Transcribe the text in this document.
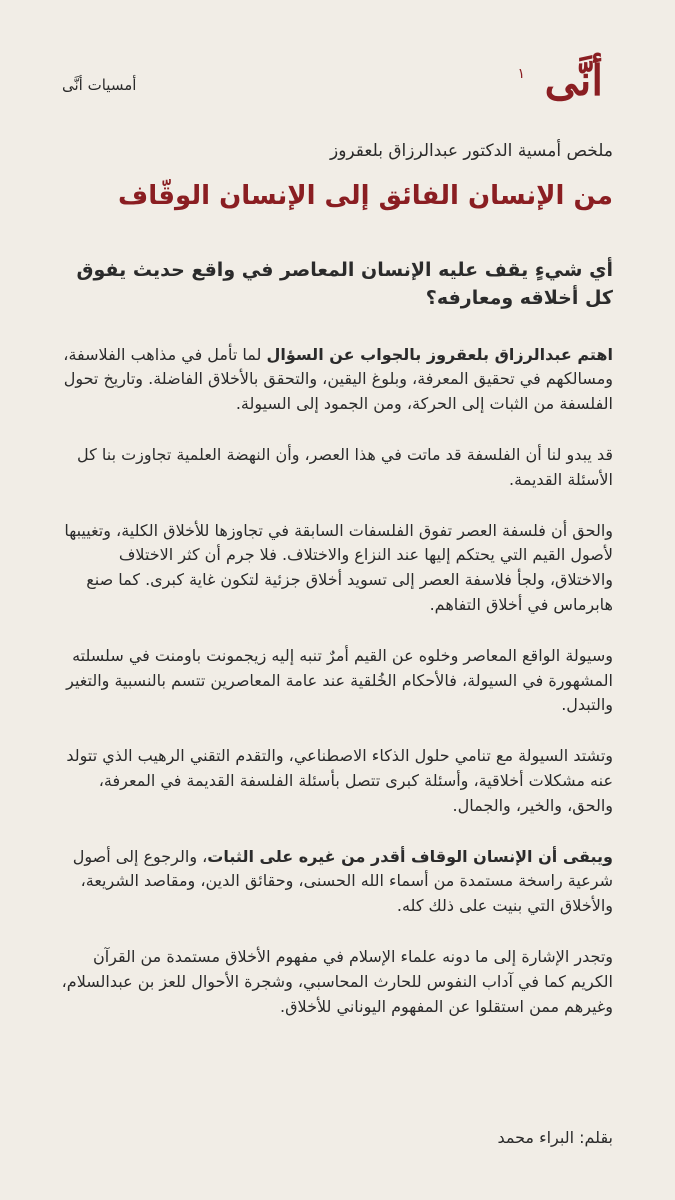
أنَّى
١
أمسيات أنَّى
ملخص أمسية الدكتور عبدالرزاق بلعقروز
من الإنسان الفائق إلى الإنسان الوقّاف
أي شيءٍ يقف عليه الإنسان المعاصر في واقع حديث يفوق كل أخلاقه ومعارفه؟

اهتم عبدالرزاق بلعقروز بالجواب عن السؤال لما تأمل في مذاهب الفلاسفة، ومسالكهم في تحقيق المعرفة، وبلوغ اليقين، والتحقق بالأخلاق الفاضلة. وتاريخ تحول الفلسفة من الثبات إلى الحركة، ومن الجمود إلى السيولة.

قد يبدو لنا أن الفلسفة قد ماتت في هذا العصر، وأن النهضة العلمية تجاوزت بنا كل الأسئلة القديمة.

والحق أن فلسفة العصر تفوق الفلسفات السابقة في تجاوزها للأخلاق الكلية، وتغييبها لأصول القيم التي يحتكم إليها عند النزاع والاختلاف. فلا جرم أن كثر الاختلاف والاختلاق، ولجأ فلاسفة العصر إلى تسويد أخلاق جزئية لتكون غاية كبرى. كما صنع هابرماس في أخلاق التفاهم.

وسيولة الواقع المعاصر وخلوه عن القيم أمرٌ تنبه إليه زيجمونت باومنت في سلسلته المشهورة في السيولة، فالأحكام الخُلقية عند عامة المعاصرين تتسم بالنسبية والتغير والتبدل.

وتشتد السيولة مع تنامي حلول الذكاء الاصطناعي، والتقدم التقني الرهيب الذي تتولد عنه مشكلات أخلاقية، وأسئلة كبرى تتصل بأسئلة الفلسفة القديمة في المعرفة، والحق، والخير، والجمال.

ويبقى أن الإنسان الوقاف أقدر من غيره على الثبات، والرجوع إلى أصول شرعية راسخة مستمدة من أسماء الله الحسنى، وحقائق الدين، ومقاصد الشريعة، والأخلاق التي بنيت على ذلك كله.

وتجدر الإشارة إلى ما دونه علماء الإسلام في مفهوم الأخلاق مستمدة من القرآن الكريم كما في آداب النفوس للحارث المحاسبي، وشجرة الأحوال للعز بن عبدالسلام، وغيرهم ممن استقلوا عن المفهوم اليوناني للأخلاق.

بقلم: البراء محمد
